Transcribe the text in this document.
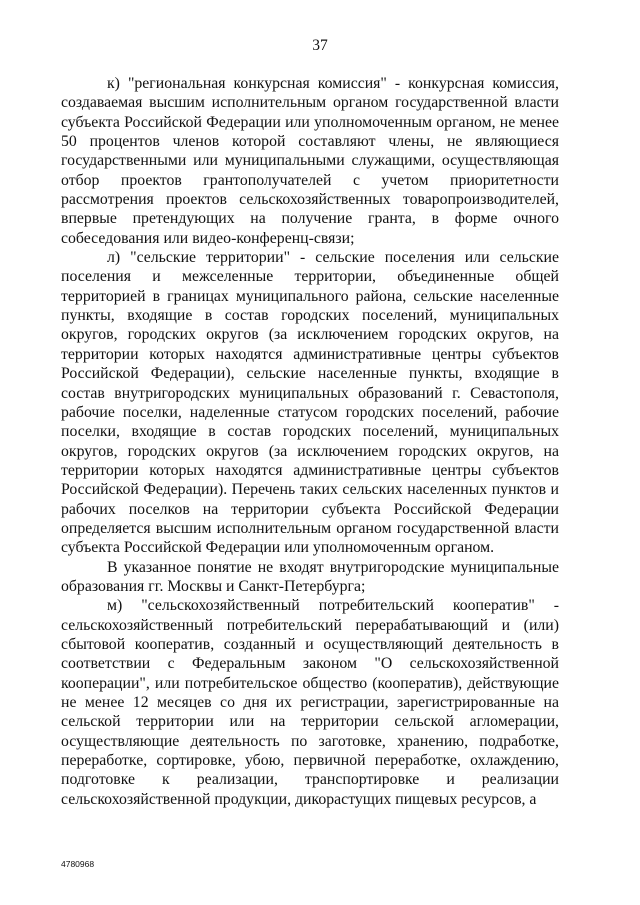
37

к) "региональная конкурсная комиссия" - конкурсная комиссия, создаваемая высшим исполнительным органом государственной власти субъекта Российской Федерации или уполномоченным органом, не менее 50 процентов членов которой составляют члены, не являющиеся государственными или муниципальными служащими, осуществляющая отбор проектов грантополучателей с учетом приоритетности рассмотрения проектов сельскохозяйственных товаропроизводителей, впервые претендующих на получение гранта, в форме очного собеседования или видео-конференц-связи;

л) "сельские территории" - сельские поселения или сельские поселения и межселенные территории, объединенные общей территорией в границах муниципального района, сельские населенные пункты, входящие в состав городских поселений, муниципальных округов, городских округов (за исключением городских округов, на территории которых находятся административные центры субъектов Российской Федерации), сельские населенные пункты, входящие в состав внутригородских муниципальных образований г. Севастополя, рабочие поселки, наделенные статусом городских поселений, рабочие поселки, входящие в состав городских поселений, муниципальных округов, городских округов (за исключением городских округов, на территории которых находятся административные центры субъектов Российской Федерации). Перечень таких сельских населенных пунктов и рабочих поселков на территории субъекта Российской Федерации определяется высшим исполнительным органом государственной власти субъекта Российской Федерации или уполномоченным органом.

В указанное понятие не входят внутригородские муниципальные образования гг. Москвы и Санкт-Петербурга;

м) "сельскохозяйственный потребительский кооператив" - сельскохозяйственный потребительский перерабатывающий и (или) сбытовой кооператив, созданный и осуществляющий деятельность в соответствии с Федеральным законом "О сельскохозяйственной кооперации", или потребительское общество (кооператив), действующие не менее 12 месяцев со дня их регистрации, зарегистрированные на сельской территории или на территории сельской агломерации, осуществляющие деятельность по заготовке, хранению, подработке, переработке, сортировке, убою, первичной переработке, охлаждению, подготовке к реализации, транспортировке и реализации сельскохозяйственной продукции, дикорастущих пищевых ресурсов, а

4780968
